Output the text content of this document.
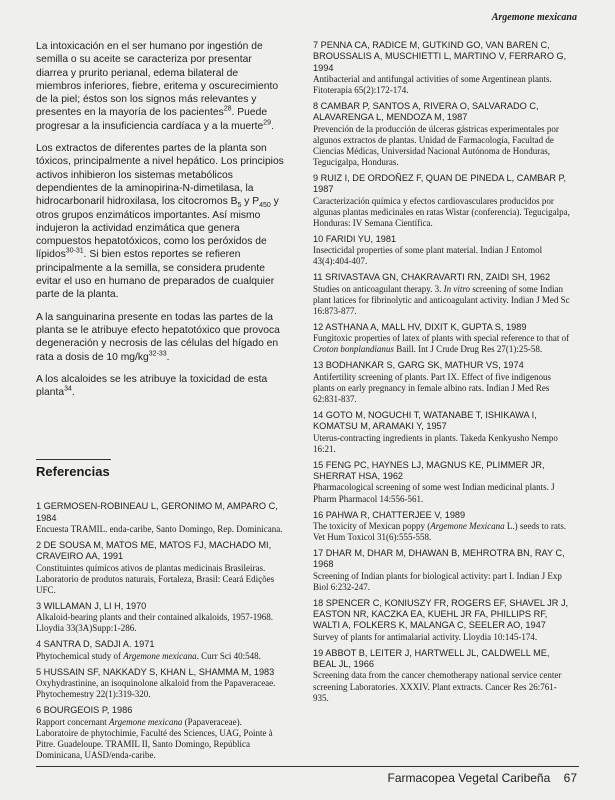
Argemone mexicana

La intoxicación en el ser humano por ingestión de semilla o su aceite se caracteriza por presentar diarrea y prurito perianal, edema bilateral de miembros inferiores, fiebre, eritema y oscurecimiento de la piel; éstos son los signos más relevantes y presentes en la mayoría de los pacientes$^{28}$. Puede progresar a la insuficiencia cardíaca y a la muerte$^{29}$.

Los extractos de diferentes partes de la planta son tóxicos, principalmente a nivel hepático. Los principios activos inhibieron los sistemas metabólicos dependientes de la aminopirina-N-dimetilasa, la hidrocarbonaril hidroxilasa, los citocromos $B_5$ y $P_{450}$ y otros grupos enzimáticos importantes. Así mismo indujeron la actividad enzimática que genera compuestos hepatotóxicos, como los peróxidos de lípidos$^{30-31}$. Si bien estos reportes se refieren principalmente a la semilla, se considera prudente evitar el uso en humano de preparados de cualquier parte de la planta.

A la sanguinarina presente en todas las partes de la planta se le atribuye efecto hepatotóxico que provoca degeneración y necrosis de las células del hígado en rata a dosis de 10 $mg/kg^{32-33}$.

A los alcaloides se les atribuye la toxicidad de esta planta$^{34}$.

Referencias
1 GERMOSEN-ROBINEAU L, GERONIMO M, AMPARO C, 1984
Encuesta TRAMIL. enda-caribe, Santo Domingo, Rep. Dominicana.
2 DE SOUSA M, MATOS ME, MATOS FJ, MACHADO MI, CRAVEIRO AA, 1991
Constituintes químicos ativos de plantas medicinais Brasileiras. Laboratorio de produtos naturais, Fortaleza, Brasil: Ceará Edições UFC.
3 WILLAMAN J, LI H, 1970
Alkaloid-bearing plants and their contained alkaloids, 1957-1968. Lloydia 33(3A)Supp:1-286.
4 SANTRA D, SADJI A. 1971
Phytochemical study of Argemone mexicana. Curr Sci 40:548.
5 HUSSAIN SF, NAKKADY S, KHAN L, SHAMMA M, 1983
Oxyhydrastinine, an isoquinolone alkaloid from the Papaveraceae. Phytochemestry 22(1):319-320.
6 BOURGEOIS P, 1986
Rapport concernant Argemone mexicana (Papaveraceae). Laboratoire de phytochimie, Faculté des Sciences, UAG, Pointe à Pitre. Guadeloupe. TRAMIL II, Santo Domingo, República Dominicana, UASD/enda-caribe.
7 PENNA CA, RADICE M, GUTKIND GO, VAN BAREN C, BROUSSALIS A, MUSCHIETTI L, MARTINO V, FERRARO G, 1994
Antibacterial and antifungal activities of some Argentinean plants. Fitoterapia 65(2):172-174.
8 CAMBAR P, SANTOS A, RIVERA O, SALVARADO C, ALAVARENGA L, MENDOZA M, 1987
Prevención de la producción de úlceras gástricas experimentales por algunos extractos de plantas. Unidad de Farmacología, Facultad de Ciencias Médicas, Universidad Nacional Autónoma de Honduras, Tegucigalpa, Honduras.
9 RUIZ I, DE ORDOÑEZ F, QUAN DE PINEDA L, CAMBAR P, 1987
Caracterización química y efectos cardiovasculares producidos por algunas plantas medicinales en ratas Wistar (conferencia). Tegucigalpa, Honduras: IV Semana Científica.
10 FARIDI YU, 1981
Insecticidal properties of some plant material. Indian J Entomol 43(4):404-407.
11 SRIVASTAVA GN, CHAKRAVARTI RN, ZAIDI SH, 1962
Studies on anticoagulant therapy. 3. In vitro screening of some Indian plant latices for fibrinolytic and anticoagulant activity. Indian J Med Sc 16:873-877.
12 ASTHANA A, MALL HV, DIXIT K, GUPTA S, 1989
Fungitoxic properties of latex of plants with special reference to that of Croton bonplandianus Baill. Int J Crude Drug Res 27(1):25-58.
13 BODHANKAR S, GARG SK, MATHUR VS, 1974
Antifertility screening of plants. Part IX. Effect of five indigenous plants on early pregnancy in female albino rats. Indian J Med Res 62:831-837.
14 GOTO M, NOGUCHI T, WATANABE T, ISHIKAWA I, KOMATSU M, ARAMAKI Y, 1957
Uterus-contracting ingredients in plants. Takeda Kenkyusho Nempo 16:21.
15 FENG PC, HAYNES LJ, MAGNUS KE, PLIMMER JR, SHERRAT HSA, 1962
Pharmacological screening of some west Indian medicinal plants. J Pharm Pharmacol 14:556-561.
16 PAHWA R, CHATTERJEE V, 1989
The toxicity of Mexican poppy (Argemone Mexicana L.) seeds to rats. Vet Hum Toxicol 31(6):555-558.
17 DHAR M, DHAR M, DHAWAN B, MEHROTRA BN, RAY C, 1968
Screening of Indian plants for biological activity: part I. Indian J Exp Biol 6:232-247.
18 SPENCER C, KONIUSZY FR, ROGERS EF, SHAVEL JR J, EASTON NR, KACZKA EA, KUEHL JR FA, PHILLIPS RF, WALTI A, FOLKERS K, MALANGA C, SEELER AO, 1947
Survey of plants for antimalarial activity. Lloydia 10:145-174.
19 ABBOT B, LEITER J, HARTWELL JL, CALDWELL ME, BEAL JL, 1966
Screening data from the cancer chemotherapy national service center screening Laboratories. XXXIV. Plant extracts. Cancer Res 26:761-935.
Farmacopea Vegetal Caribeña 67
